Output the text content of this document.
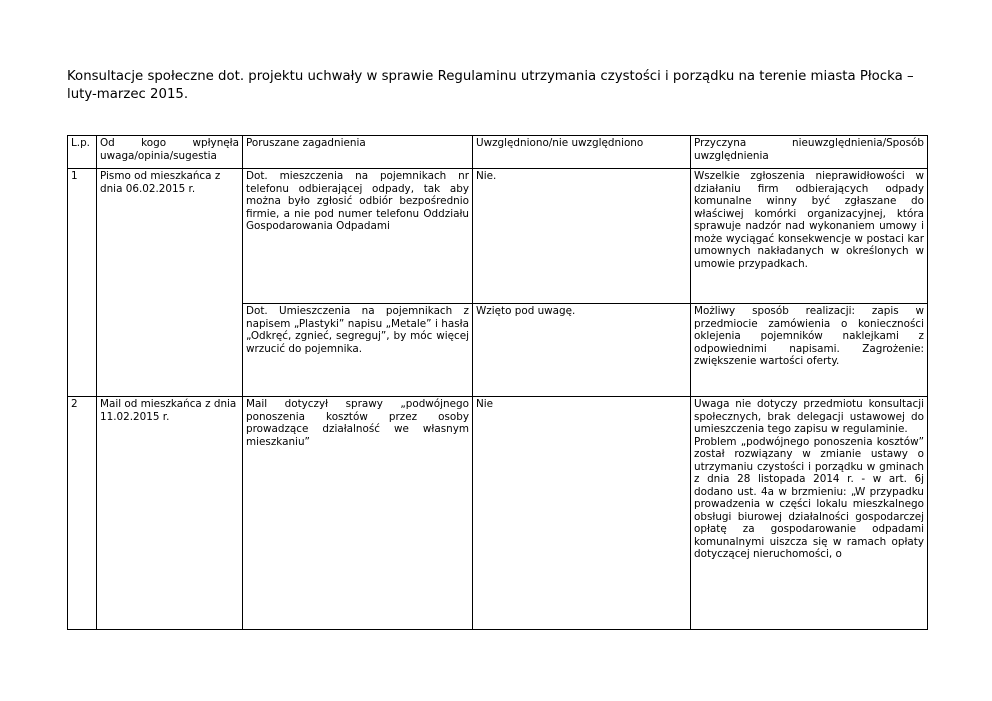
Konsultacje społeczne dot. projektu uchwały w sprawie Regulaminu utrzymania czystości i porządku na terenie miasta Płocka – luty-marzec 2015.
L.p.	Od kogo wpłynęła uwaga/opinia/sugestia	Poruszane zagadnienia	Uwzględniono/nie uwzględniono	Przyczyna nieuwzględnienia/Sposób uwzględnienia
1	Pismo od mieszkańca z dnia 06.02.2015 r.	Dot. mieszczenia na pojemnikach nr telefonu odbierającej odpady, tak aby można było zgłosić odbiór bezpośrednio firmie, a nie pod numer telefonu Oddziału Gospodarowania Odpadami	Nie.	Wszelkie zgłoszenia nieprawidłowości w działaniu firm odbierających odpady komunalne winny być zgłaszane do właściwej komórki organizacyjnej, która sprawuje nadzór nad wykonaniem umowy i może wyciągać konsekwencje w postaci kar umownych nakładanych w określonych w umowie przypadkach.
		Dot. Umieszczenia na pojemnikach z napisem „Plastyki” napisu „Metale” i hasła „Odkręć, zgnieć, segreguj”, by móc więcej wrzucić do pojemnika.	Wzięto pod uwagę.	Możliwy sposób realizacji: zapis w przedmiocie zamówienia o konieczności oklejenia pojemników naklejkami z odpowiednimi napisami. Zagrożenie: zwiększenie wartości oferty.
2	Mail od mieszkańca z dnia 11.02.2015 r.	Mail dotyczył sprawy „podwójnego ponoszenia kosztów przez osoby prowadzące działalność we własnym mieszkaniu”	Nie	Uwaga nie dotyczy przedmiotu konsultacji społecznych, brak delegacji ustawowej do umieszczenia tego zapisu w regulaminie.
Problem „podwójnego ponoszenia kosztów” został rozwiązany w zmianie ustawy o utrzymaniu czystości i porządku w gminach z dnia 28 listopada 2014 r. - w art. 6j dodano ust. 4a w brzmieniu: „W przypadku prowadzenia w części lokalu mieszkalnego obsługi biurowej działalności gospodarczej opłatę za gospodarowanie odpadami komunalnymi uiszcza się w ramach opłaty dotyczącej nieruchomości, o
